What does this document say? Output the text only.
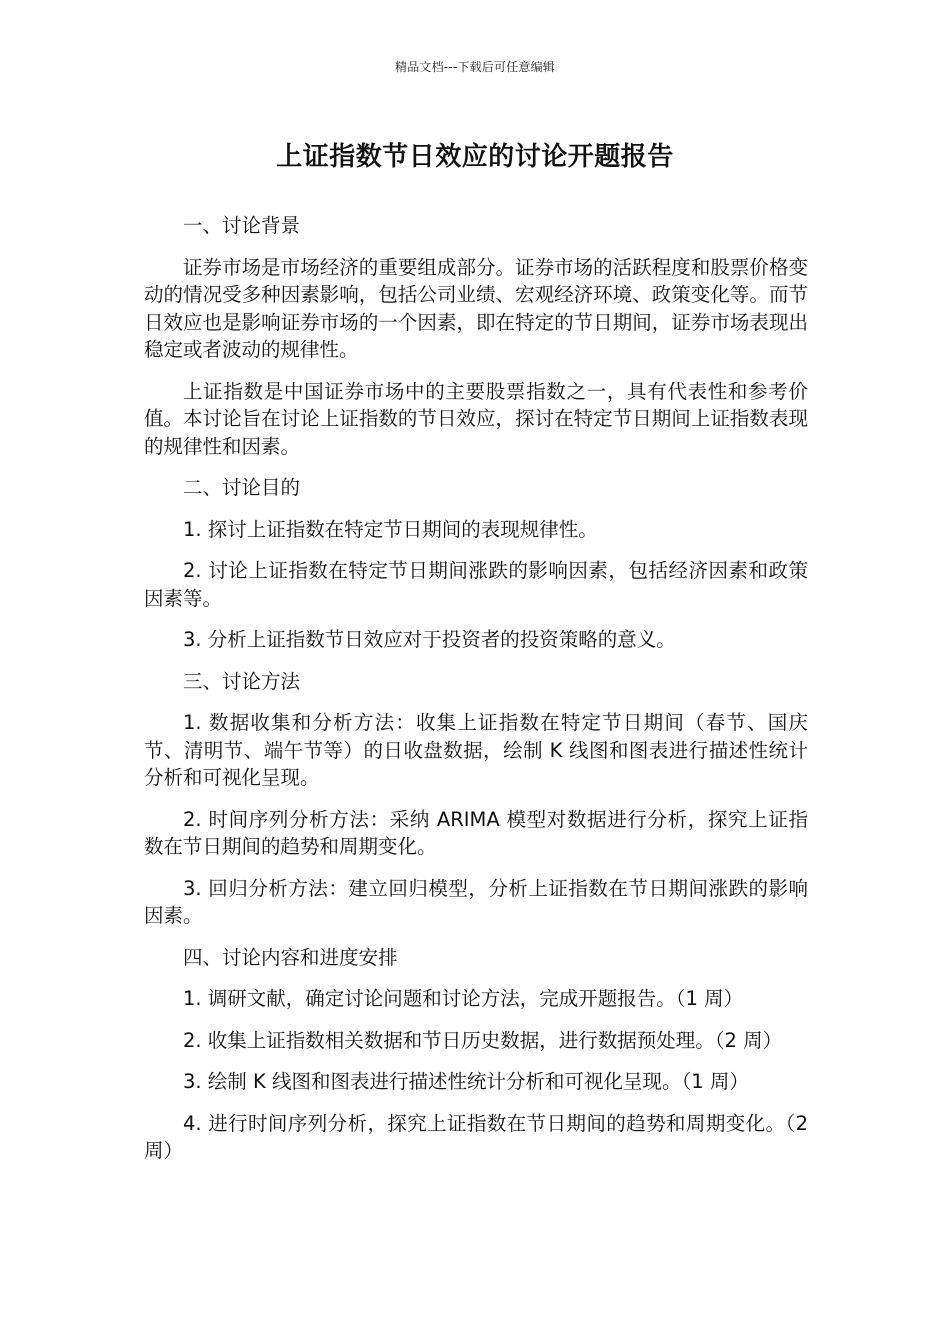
精品文档---下载后可任意编辑
上证指数节日效应的讨论开题报告

一、讨论背景

证券市场是市场经济的重要组成部分。证券市场的活跃程度和股票价格变动的情况受多种因素影响，包括公司业绩、宏观经济环境、政策变化等。而节日效应也是影响证券市场的一个因素，即在特定的节日期间，证券市场表现出稳定或者波动的规律性。

上证指数是中国证券市场中的主要股票指数之一，具有代表性和参考价值。本讨论旨在讨论上证指数的节日效应，探讨在特定节日期间上证指数表现的规律性和因素。

二、讨论目的

1. 探讨上证指数在特定节日期间的表现规律性。

2. 讨论上证指数在特定节日期间涨跌的影响因素，包括经济因素和政策因素等。

3. 分析上证指数节日效应对于投资者的投资策略的意义。

三、讨论方法

1. 数据收集和分析方法：收集上证指数在特定节日期间（春节、国庆节、清明节、端午节等）的日收盘数据，绘制 K 线图和图表进行描述性统计分析和可视化呈现。

2. 时间序列分析方法：采纳 ARIMA 模型对数据进行分析，探究上证指数在节日期间的趋势和周期变化。

3. 回归分析方法：建立回归模型，分析上证指数在节日期间涨跌的影响因素。

四、讨论内容和进度安排

1. 调研文献，确定讨论问题和讨论方法，完成开题报告。（1 周）

2. 收集上证指数相关数据和节日历史数据，进行数据预处理。（2 周）

3. 绘制 K 线图和图表进行描述性统计分析和可视化呈现。（1 周）

4. 进行时间序列分析，探究上证指数在节日期间的趋势和周期变化。（2 周）
